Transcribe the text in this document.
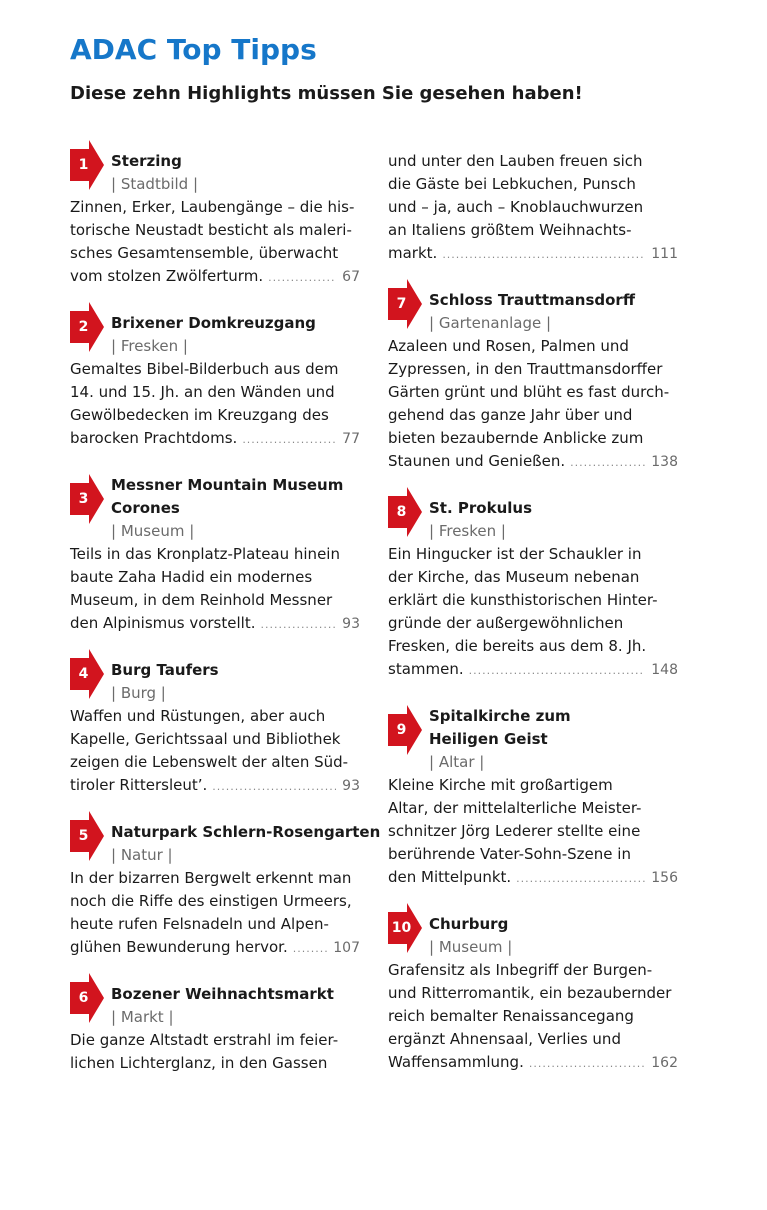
ADAC Top Tipps
Diese zehn Highlights müssen Sie gesehen haben!
1	Sterzing
| Stadtbild |
Zinnen, Erker, Laubengänge – die his-
torische Neustadt besticht als maleri-
sches Gesamtensemble, überwacht
vom stolzen Zwölferturm. .....	67
2	Brixener Domkreuzgang
| Fresken |
Gemaltes Bibel-Bilderbuch aus dem
14. und 15. Jh. an den Wänden und
Gewölbedecken im Kreuzgang des
barocken Prachtdoms. .....	77
3
Messner Mountain Museum
Corones
| Museum |
Teils in das Kronplatz-Plateau hinein
baute Zaha Hadid ein modernes
Museum, in dem Reinhold Messner
den Alpinismus vorstellt. .....	93
4	Burg Taufers
| Burg |
Waffen und Rüstungen, aber auch
Kapelle, Gerichtssaal und Bibliothek
zeigen die Lebenswelt der alten Süd-
tiroler Rittersleut’. .....	93
5	Naturpark Schlern-Rosengarten
| Natur |
In der bizarren Bergwelt erkennt man
noch die Riffe des einstigen Urmeers,
heute rufen Felsnadeln und Alpen-
glühen Bewunderung hervor. .....	107
6	Bozener Weihnachtsmarkt
| Markt |
Die ganze Altstadt erstrahl im feier-
lichen Lichterglanz, in den Gassen
und unter den Lauben freuen sich
die Gäste bei Lebkuchen, Punsch
und – ja, auch – Knoblauchwurzen
an Italiens größtem Weihnachts-
markt. .....	111
7	Schloss Trauttmansdorff
| Gartenanlage |
Azaleen und Rosen, Palmen und
Zypressen, in den Trauttmansdorffer
Gärten grünt und blüht es fast durch-
gehend das ganze Jahr über und
bieten bezaubernde Anblicke zum
Staunen und Genießen. .....	138
8	St. Prokulus
| Fresken |
Ein Hingucker ist der Schaukler in
der Kirche, das Museum nebenan
erklärt die kunsthistorischen Hinter-
gründe der außergewöhnlichen
Fresken, die bereits aus dem 8. Jh.
stammen. .....	148
9
Spitalkirche zum
Heiligen Geist
| Altar |
Kleine Kirche mit großartigem
Altar, der mittelalterliche Meister-
schnitzer Jörg Lederer stellte eine
berührende Vater-Sohn-Szene in
den Mittelpunkt. .....	156
10 Churburg
| Museum |
Grafensitz als Inbegriff der Burgen-
und Ritterromantik, ein bezaubernder
reich bemalter Renaissancegang
ergänzt Ahnensaal, Verlies und
Waffensammlung. .....	162
